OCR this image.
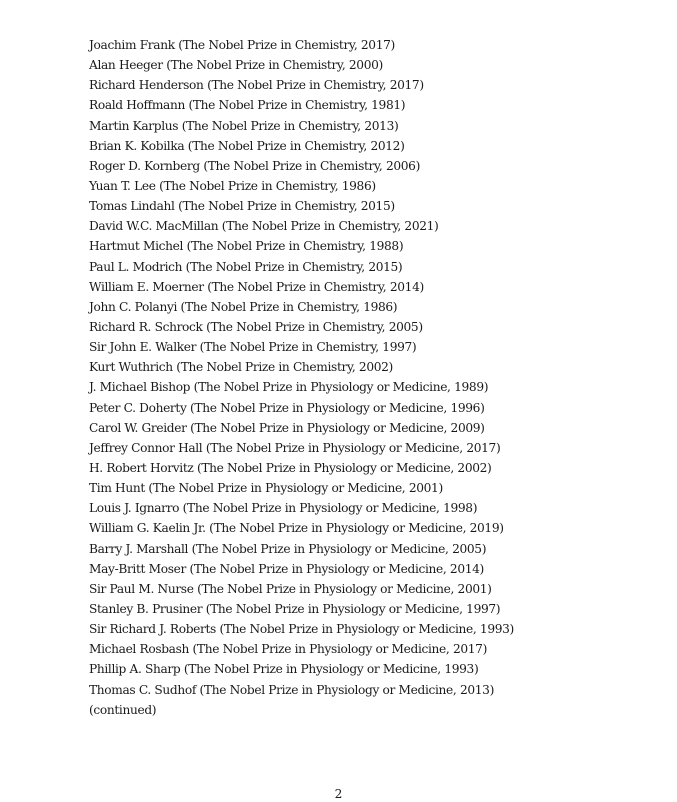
Joachim Frank (The Nobel Prize in Chemistry, 2017)
Alan Heeger (The Nobel Prize in Chemistry, 2000)
Richard Henderson (The Nobel Prize in Chemistry, 2017)
Roald Hoffmann (The Nobel Prize in Chemistry, 1981)
Martin Karplus (The Nobel Prize in Chemistry, 2013)
Brian K. Kobilka (The Nobel Prize in Chemistry, 2012)
Roger D. Kornberg (The Nobel Prize in Chemistry, 2006)
Yuan T. Lee (The Nobel Prize in Chemistry, 1986)
Tomas Lindahl (The Nobel Prize in Chemistry, 2015)
David W.C. MacMillan (The Nobel Prize in Chemistry, 2021)
Hartmut Michel (The Nobel Prize in Chemistry, 1988)
Paul L. Modrich (The Nobel Prize in Chemistry, 2015)
William E. Moerner (The Nobel Prize in Chemistry, 2014)
John C. Polanyi (The Nobel Prize in Chemistry, 1986)
Richard R. Schrock (The Nobel Prize in Chemistry, 2005)
Sir John E. Walker (The Nobel Prize in Chemistry, 1997)
Kurt Wuthrich (The Nobel Prize in Chemistry, 2002)
J. Michael Bishop (The Nobel Prize in Physiology or Medicine, 1989)
Peter C. Doherty (The Nobel Prize in Physiology or Medicine, 1996)
Carol W. Greider (The Nobel Prize in Physiology or Medicine, 2009)
Jeffrey Connor Hall (The Nobel Prize in Physiology or Medicine, 2017)
H. Robert Horvitz (The Nobel Prize in Physiology or Medicine, 2002)
Tim Hunt (The Nobel Prize in Physiology or Medicine, 2001)
Louis J. Ignarro (The Nobel Prize in Physiology or Medicine, 1998)
William G. Kaelin Jr. (The Nobel Prize in Physiology or Medicine, 2019)
Barry J. Marshall (The Nobel Prize in Physiology or Medicine, 2005)
May-Britt Moser (The Nobel Prize in Physiology or Medicine, 2014)
Sir Paul M. Nurse (The Nobel Prize in Physiology or Medicine, 2001)
Stanley B. Prusiner (The Nobel Prize in Physiology or Medicine, 1997)
Sir Richard J. Roberts (The Nobel Prize in Physiology or Medicine, 1993)
Michael Rosbash (The Nobel Prize in Physiology or Medicine, 2017)
Phillip A. Sharp (The Nobel Prize in Physiology or Medicine, 1993)
Thomas C. Sudhof (The Nobel Prize in Physiology or Medicine, 2013)
(continued)
2
